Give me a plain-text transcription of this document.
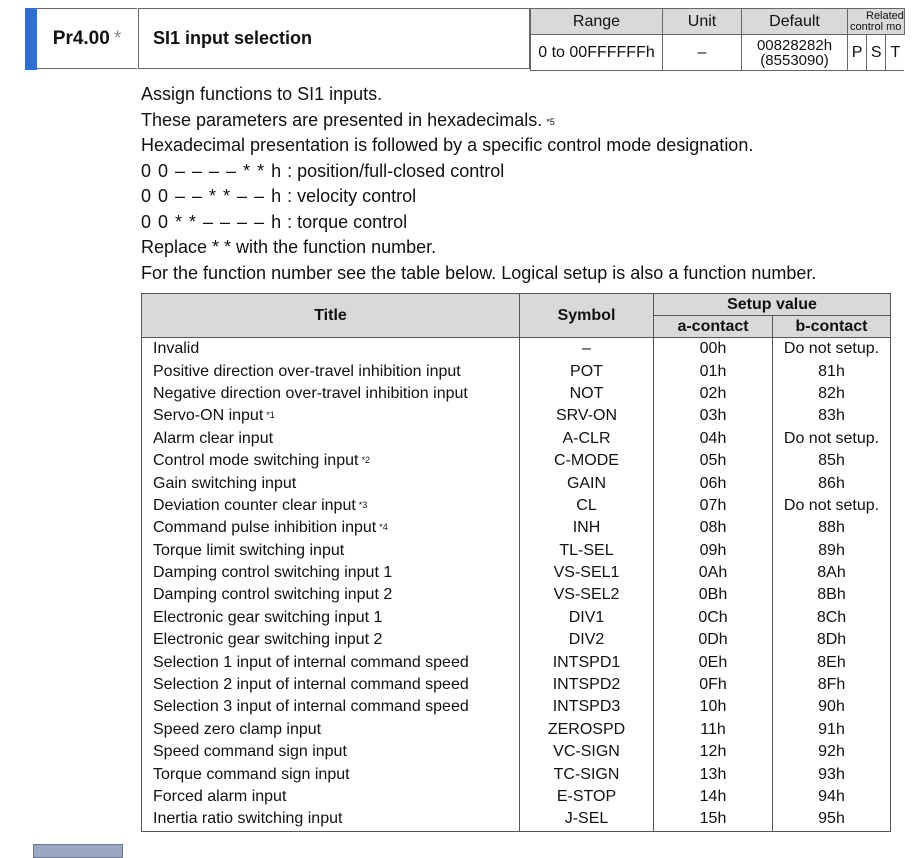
Pr4.00 *	SI1 input selection
Range	Unit	Default	Related
control mo		

0 to 00FFFFFFh	–	00828282h
(8553090)	P	S	T
Assign functions to SI1 inputs.
These parameters are presented in hexadecimals. $^{*5}$
Hexadecimal presentation is followed by a specific control mode designation.
0 0 – – – – * * h : position/full-closed control
0 0 – – * * – – h : velocity control
0 0 * * – – – – h : torque control
Replace * * with the function number.
For the function number see the table below. Logical setup is also a function number.
Title	Symbol	Setup value	
		a-contact	b-contact
Invalid	–	00h	Do not setup.
Positive direction over-travel inhibition input	POT	01h	81h
Negative direction over-travel inhibition input	NOT	02h	82h
Servo-ON input $^{*1}$	SRV-ON	03h	83h
Alarm clear input	A-CLR	04h	Do not setup.
Control mode switching input $^{*2}$	C-MODE	05h	85h
Gain switching input	GAIN	06h	86h
Deviation counter clear input $^{*3}$	CL	07h	Do not setup.
Command pulse inhibition input $^{*4}$	INH	08h	88h
Torque limit switching input	TL-SEL	09h	89h
Damping control switching input 1	VS-SEL1	0Ah	8Ah
Damping control switching input 2	VS-SEL2	0Bh	8Bh
Electronic gear switching input 1	DIV1	0Ch	8Ch
Electronic gear switching input 2	DIV2	0Dh	8Dh
Selection 1 input of internal command speed	INTSPD1	0Eh	8Eh
Selection 2 input of internal command speed	INTSPD2	0Fh	8Fh
Selection 3 input of internal command speed	INTSPD3	10h	90h
Speed zero clamp input	ZEROSPD	11h	91h
Speed command sign input	VC-SIGN	12h	92h
Torque command sign input	TC-SIGN	13h	93h
Forced alarm input	E-STOP	14h	94h
Inertia ratio switching input	J-SEL	15h	95h
